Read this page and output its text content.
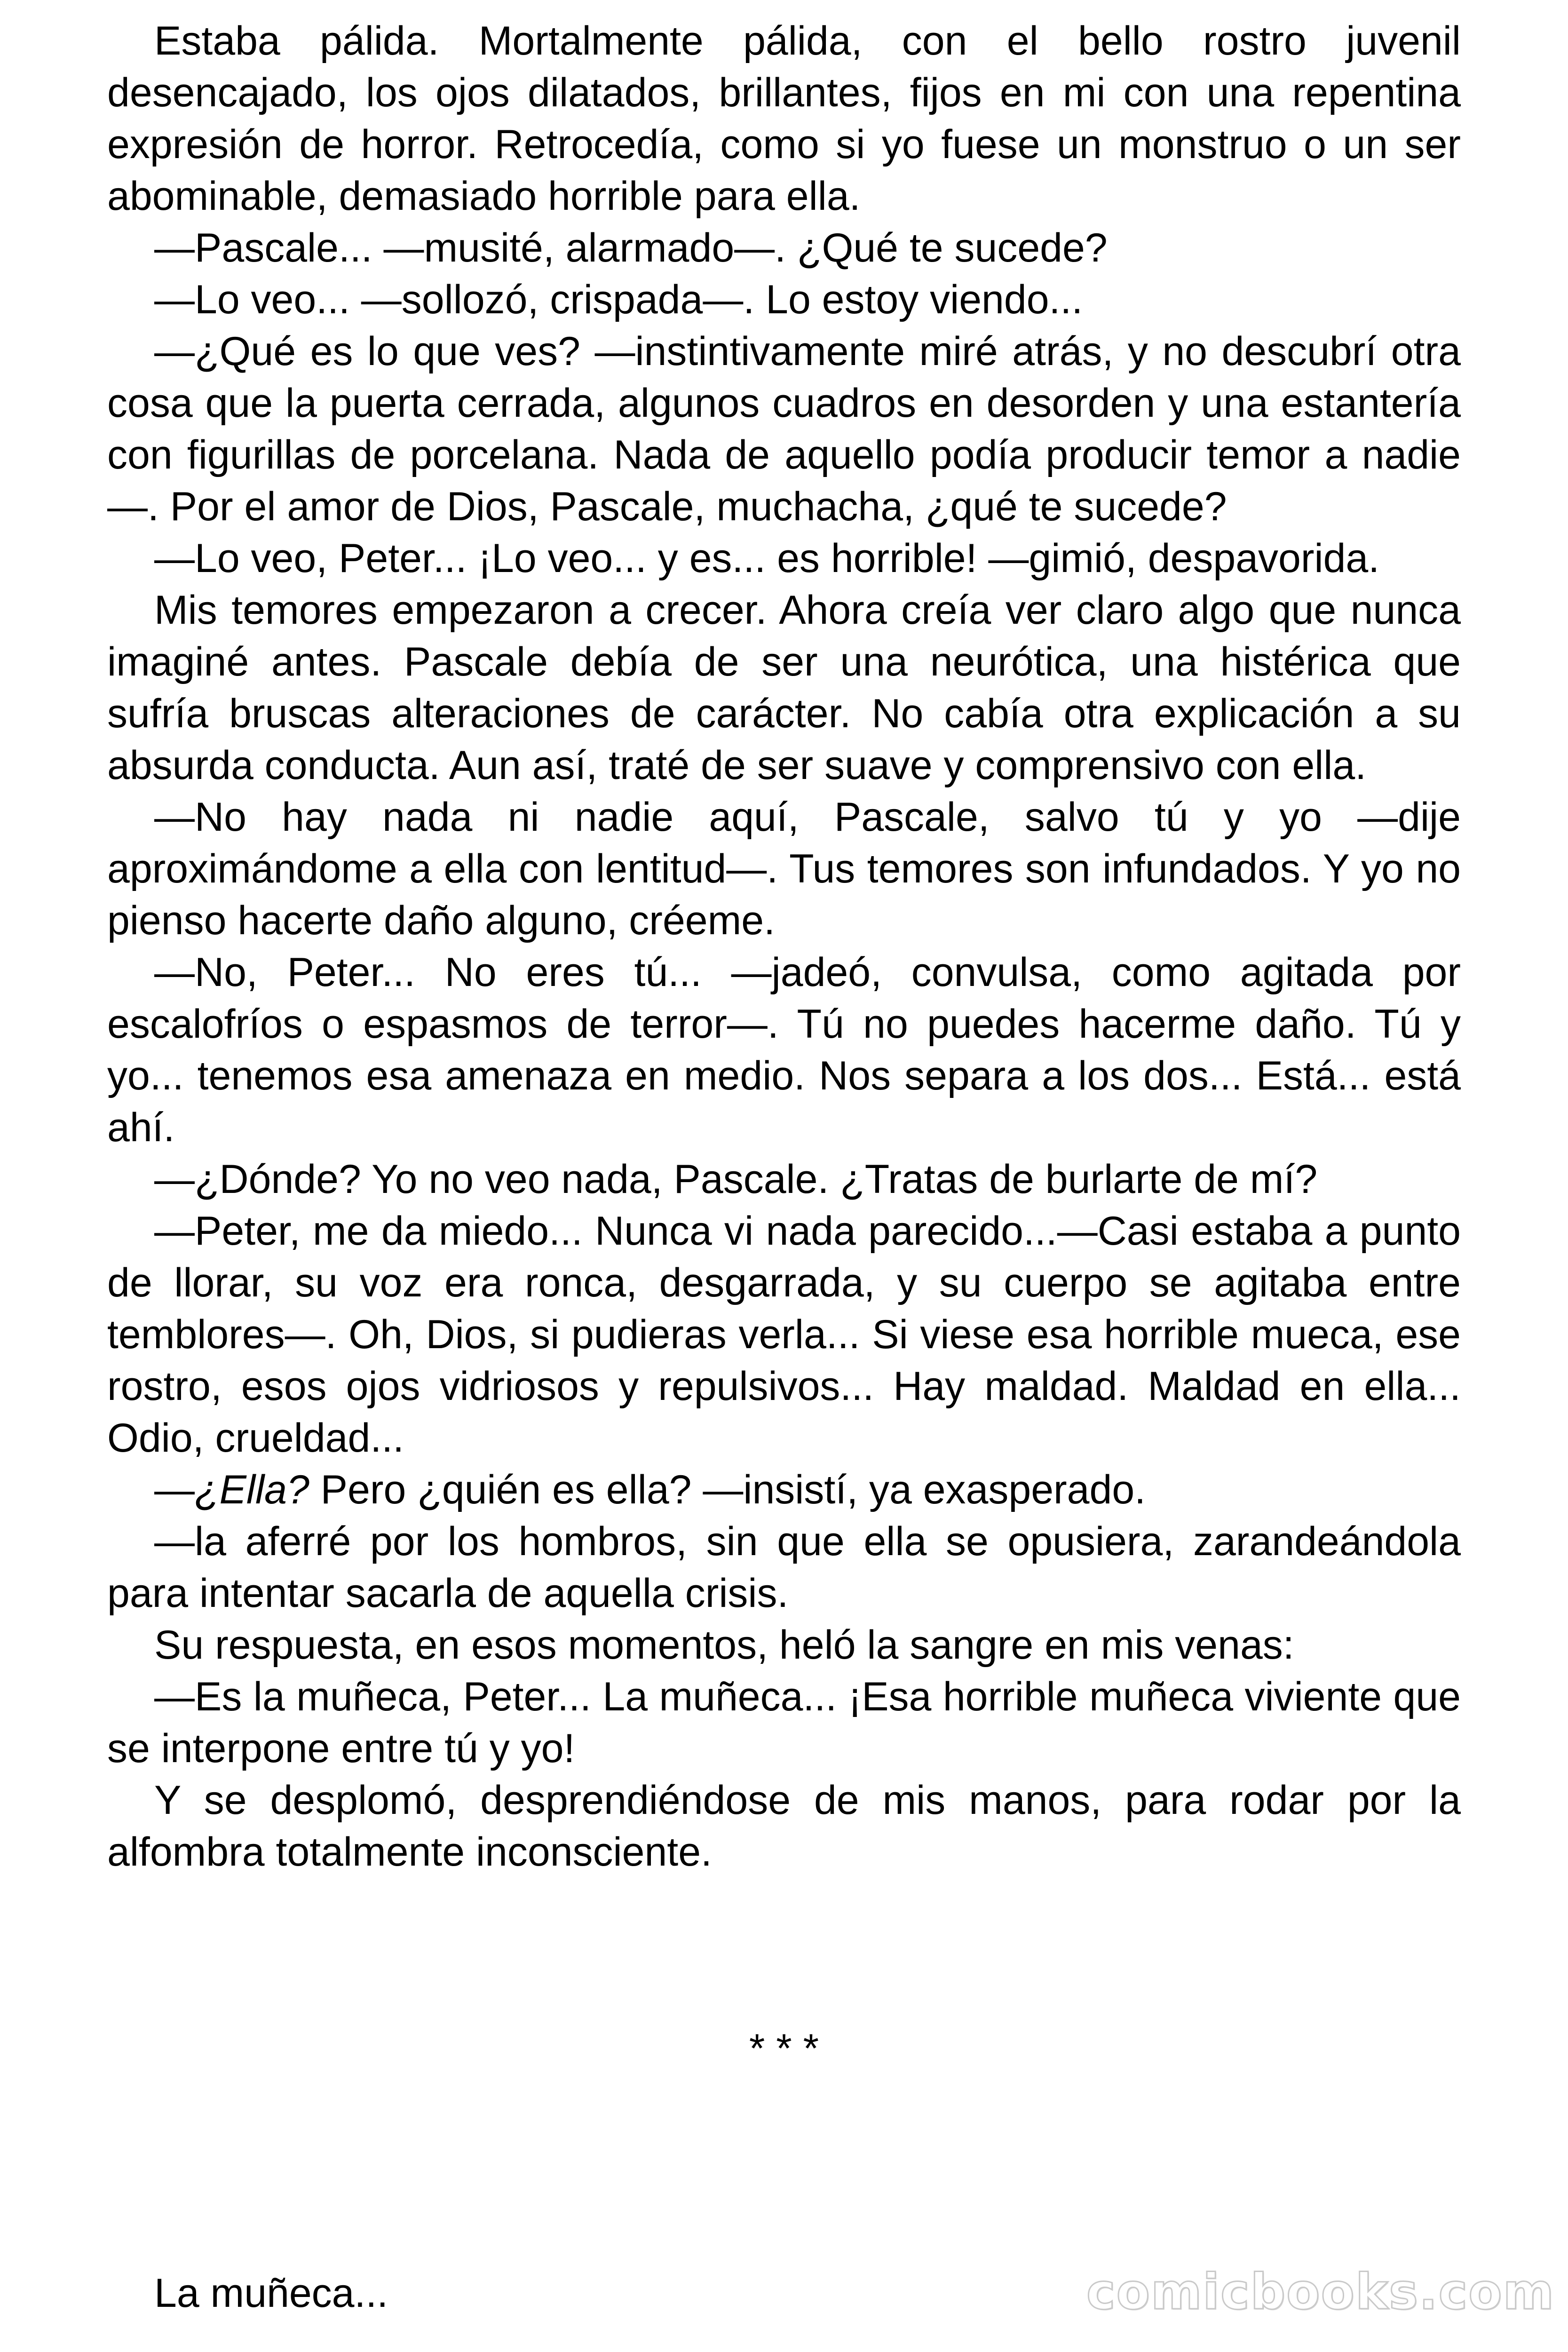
Estaba pálida. Mortalmente pálida, con el bello rostro juvenil desencajado, los ojos dilatados, brillantes, fijos en mi con una repentina expresión de horror. Retrocedía, como si yo fuese un monstruo o un ser abominable, demasiado horrible para ella.

—Pascale... —musité, alarmado—. ¿Qué te sucede?

—Lo veo... —sollozó, crispada—. Lo estoy viendo...

—¿Qué es lo que ves? —instintivamente miré atrás, y no descubrí otra cosa que la puerta cerrada, algunos cuadros en desorden y una estantería con figurillas de porcelana. Nada de aquello podía producir temor a nadie—. Por el amor de Dios, Pascale, muchacha, ¿qué te sucede?

—Lo veo, Peter... ¡Lo veo... y es... es horrible! —gimió, despavorida.

Mis temores empezaron a crecer. Ahora creía ver claro algo que nunca imaginé antes. Pascale debía de ser una neurótica, una histérica que sufría bruscas alteraciones de carácter. No cabía otra explicación a su absurda conducta. Aun así, traté de ser suave y comprensivo con ella.

—No hay nada ni nadie aquí, Pascale, salvo tú y yo —dije aproximándome a ella con lentitud—. Tus temores son infundados. Y yo no pienso hacerte daño alguno, créeme.

—No, Peter... No eres tú... —jadeó, convulsa, como agitada por escalofríos o espasmos de terror—. Tú no puedes hacerme daño. Tú y yo... tenemos esa amenaza en medio. Nos separa a los dos... Está... está ahí.

—¿Dónde? Yo no veo nada, Pascale. ¿Tratas de burlarte de mí?

—Peter, me da miedo... Nunca vi nada parecido...—Casi estaba a punto de llorar, su voz era ronca, desgarrada, y su cuerpo se agitaba entre temblores—. Oh, Dios, si pudieras verla... Si viese esa horrible mueca, ese rostro, esos ojos vidriosos y repulsivos... Hay maldad. Maldad en ella... Odio, crueldad...

—¿Ella? Pero ¿quién es ella? —insistí, ya exasperado.

—la aferré por los hombros, sin que ella se opusiera, zarandeándola para intentar sacarla de aquella crisis.

Su respuesta, en esos momentos, heló la sangre en mis venas:

—Es la muñeca, Peter... La muñeca... ¡Esa horrible muñeca viviente que se interpone entre tú y yo!

Y se desplomó, desprendiéndose de mis manos, para rodar por la alfombra totalmente inconsciente.

* * *
La muñeca...	comicbooks.com
